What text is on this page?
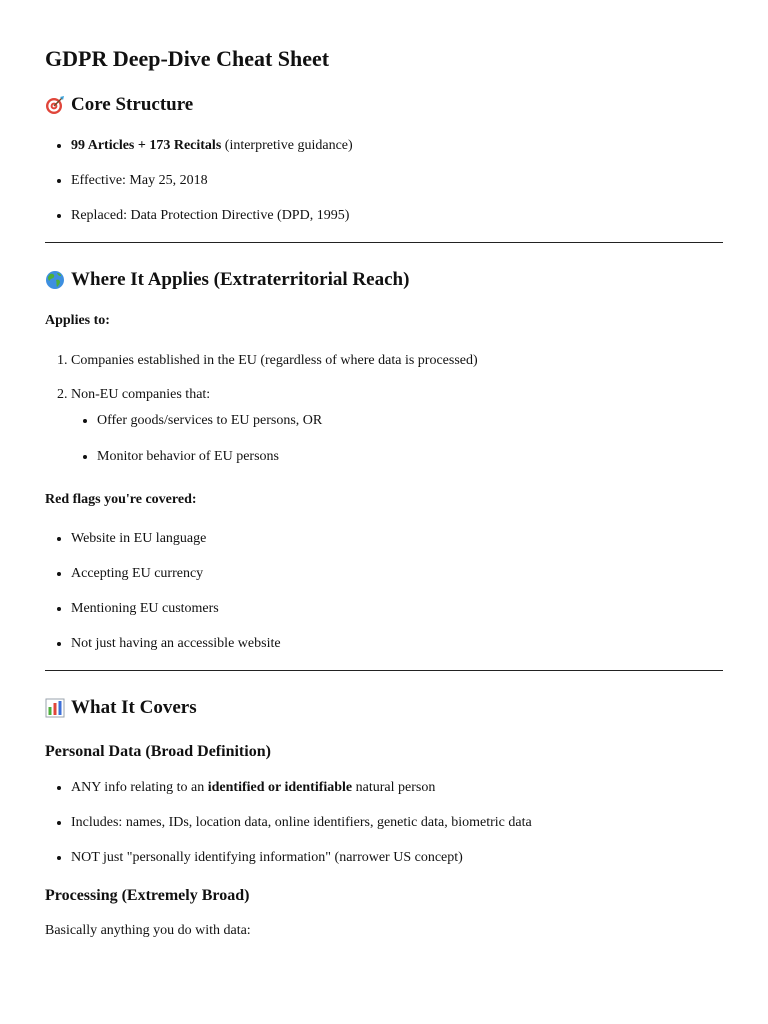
GDPR Deep-Dive Cheat Sheet
Core Structure
• 99 Articles + 173 Recitals (interpretive guidance)
• Effective: May 25, 2018
• Replaced: Data Protection Directive (DPD, 1995)
Where It Applies (Extraterritorial Reach)

Applies to:

1. Companies established in the EU (regardless of where data is processed)
2. Non-EU companies that:
• Offer goods/services to EU persons, OR
• Monitor behavior of EU persons

Red flags you're covered:

• Website in EU language
• Accepting EU currency
• Mentioning EU customers
• Not just having an accessible website
What It Covers
Personal Data (Broad Definition)
• ANY info relating to an identified or identifiable natural person
• Includes: names, IDs, location data, online identifiers, genetic data, biometric data
• NOT just "personally identifying information" (narrower US concept)
Processing (Extremely Broad)

Basically anything you do with data:
